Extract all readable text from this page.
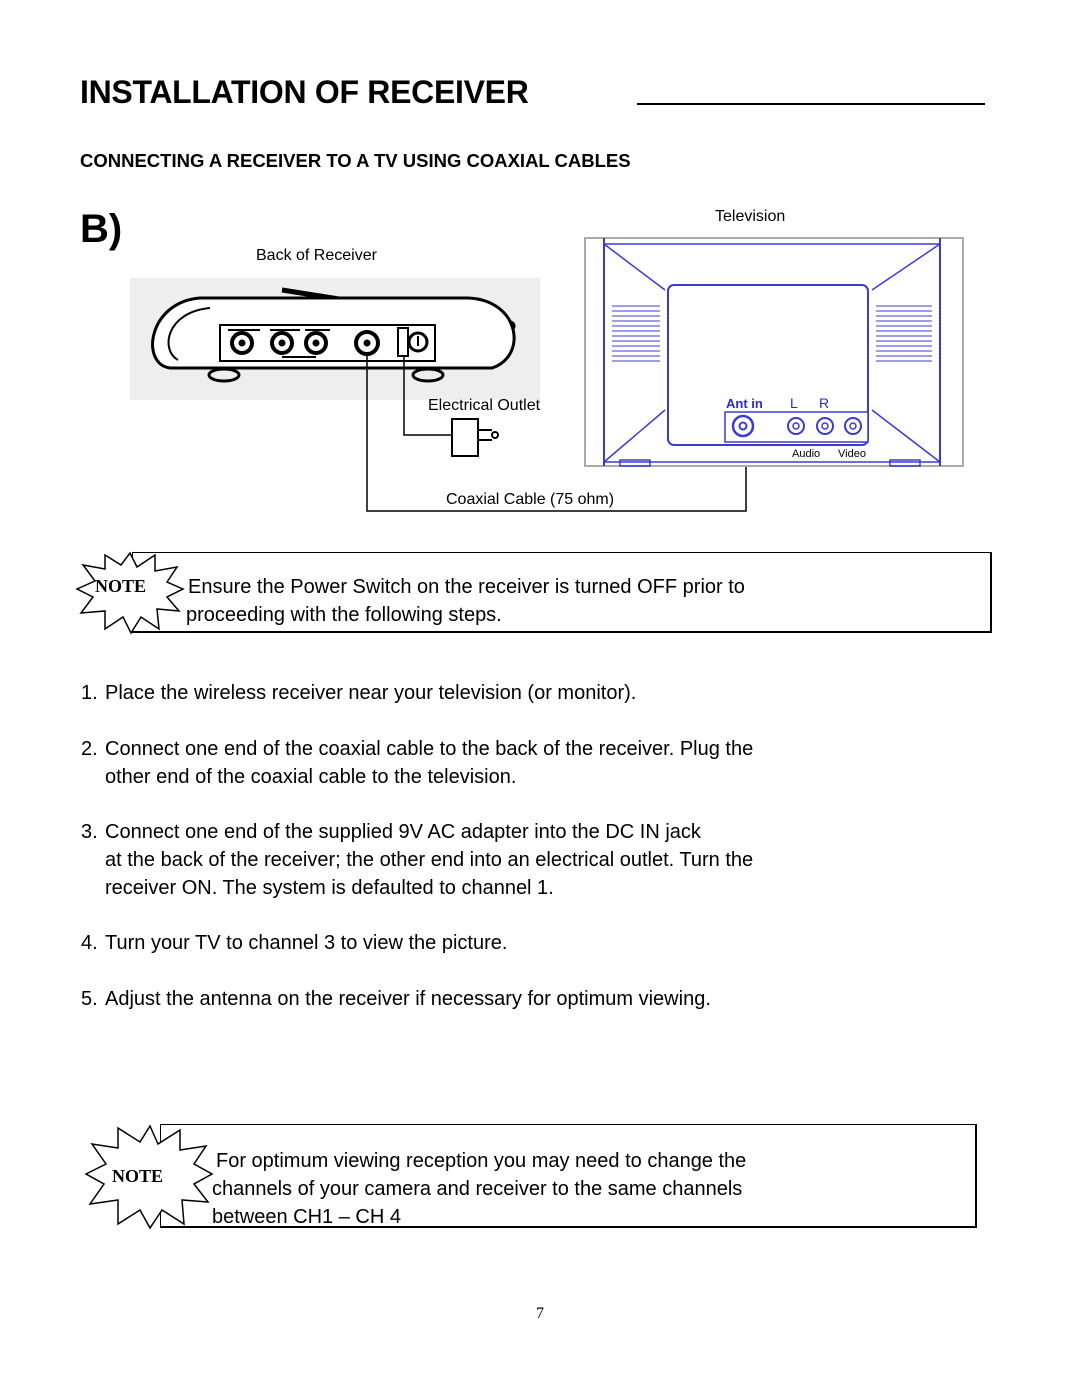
INSTALLATION OF RECEIVER
CONNECTING A RECEIVER TO A TV USING COAXIAL CABLES
B)
Ant in L R
Audio Video
Back of Receiver
Television
Electrical Outlet
Coaxial Cable (75 ohm)
NOTE Ensure the Power Switch on the receiver is turned OFF prior to
proceeding with the following steps.
1. Place the wireless receiver near your television (or monitor).
2. Connect one end of the coaxial cable to the back of the receiver. Plug the
other end of the coaxial cable to the television.
3. Connect one end of the supplied 9V AC adapter into the DC IN jack
at the back of the receiver; the other end into an electrical outlet. Turn the
receiver ON. The system is defaulted to channel 1.
4. Turn your TV to channel 3 to view the picture.
5. Adjust the antenna on the receiver if necessary for optimum viewing.
NOTE
For optimum viewing reception you may need to change the
channels of your camera and receiver to the same channels
between CH1 – CH 4
7
